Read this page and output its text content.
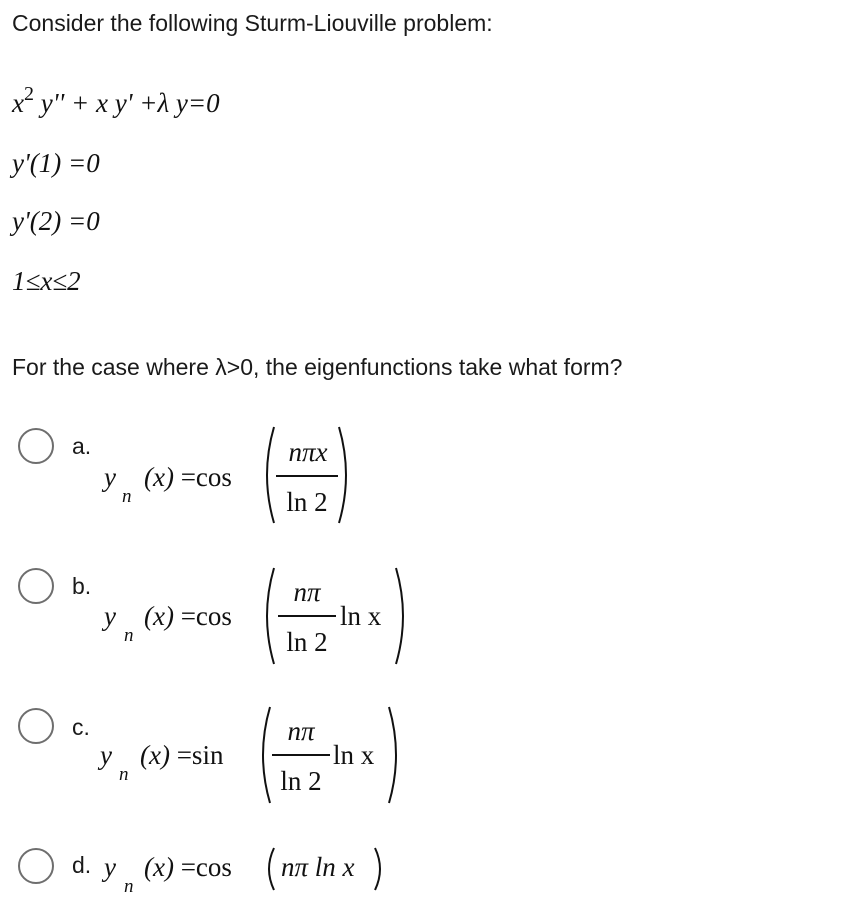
Consider the following Sturm-Liouville problem:
$x^2$ y'' + x y' +λ y=0
y'(1) =0
y'(2) =0
1≤x≤2
For the case where λ>0, the eigenfunctions take what form?
a.
y (x) =cos
n
nπx
ln 2
b.
y (x) =cos
n
nπ
ln 2
ln x
c.
y (x) =sin
n
nπ
ln 2
ln x
d. y (x) =cos
n
nπ ln x
